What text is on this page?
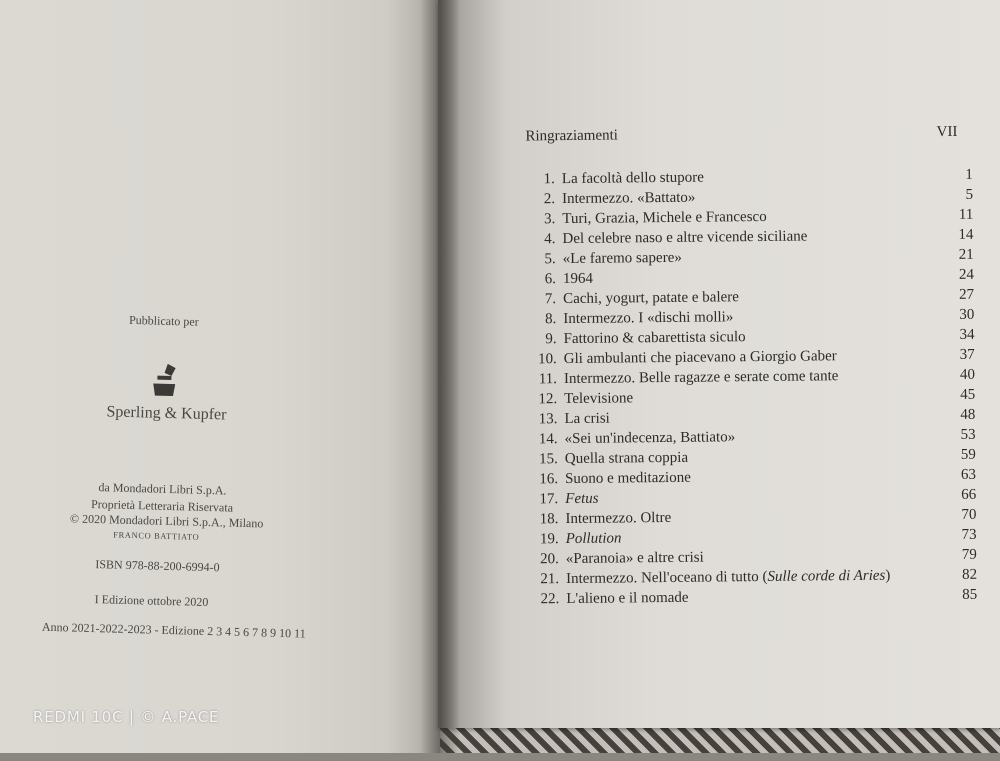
Pubblicato per
Sperling & Kupfer
da Mondadori Libri S.p.A.
Proprietà Letteraria Riservata
© 2020 Mondadori Libri S.p.A., Milano
FRANCO BATTIATO
ISBN 978-88-200-6994-0
I Edizione ottobre 2020
Anno 2021-2022-2023 - Edizione 2 3 4 5 6 7 8 9 10 11
Ringraziamenti	VII
1. La facoltà dello stupore	1
2. Intermezzo. «Battato»	5
3. Turi, Grazia, Michele e Francesco	11
4. Del celebre naso e altre vicende siciliane	14
5. «Le faremo sapere»	21
6. 1964	24
7. Cachi, yogurt, patate e balere	27
8. Intermezzo. I «dischi molli»	30
9. Fattorino & cabarettista siculo	34
10. Gli ambulanti che piacevano a Giorgio Gaber	37
11. Intermezzo. Belle ragazze e serate come tante	40
12. Televisione	45
13. La crisi	48
14. «Sei un'indecenza, Battiato»	53
15. Quella strana coppia	59
16. Suono e meditazione	63
17. Fetus	66
18. Intermezzo. Oltre	70
19. Pollution	73
20. «Paranoia» e altre crisi	79
21. Intermezzo. Nell'oceano di tutto (Sulle corde di Aries)	82
22. L'alieno e il nomade	85
REDMI 10C | © A.PACE
